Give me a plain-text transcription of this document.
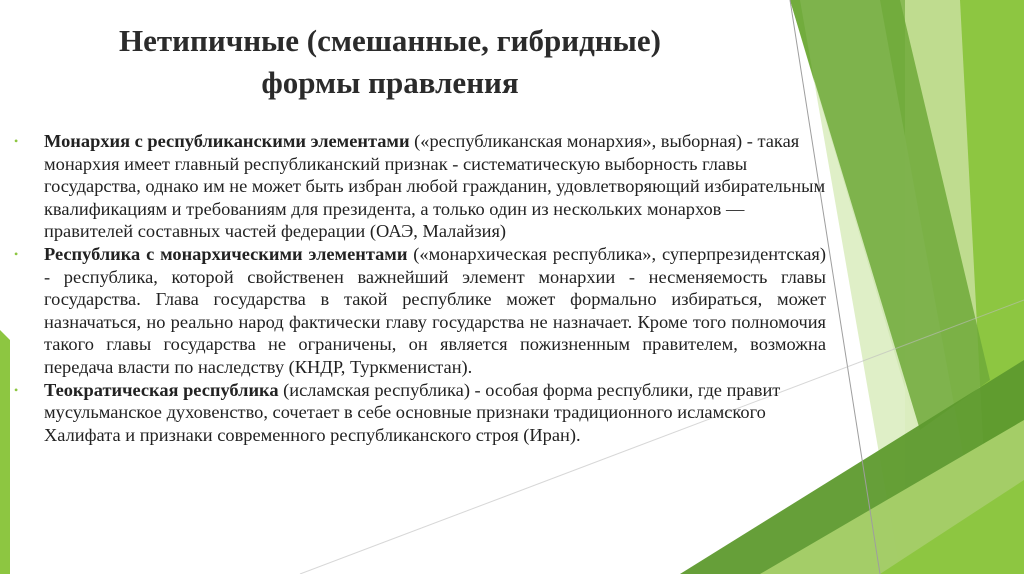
Нетипичные (смешанные, гибридные)
формы правления
•	Монархия с республиканскими элементами («республиканская монархия», выборная) - такая монархия имеет главный республиканский признак - систематическую выборность главы государства, однако им не может быть избран любой гражданин, удовлетворяющий избирательным квалификациям и требованиям для президента, а только один из нескольких монархов — правителей составных частей федерации (ОАЭ, Малайзия)
•	Республика с монархическими элементами («монархическая республика», суперпрезидентская) - республика, которой свойственен важнейший элемент монархии - несменяемость главы государства. Глава государства в такой республике может формально избираться, может назначаться, но реально народ фактически главу государства не назначает. Кроме того полномочия такого главы государства не ограничены, он является пожизненным правителем, возможна передача власти по наследству (КНДР, Туркменистан).
•	Теократическая республика (исламская республика) - особая форма республики, где правит мусульманское духовенство, сочетает в себе основные признаки традиционного исламского Халифата и признаки современного республиканского строя (Иран).
